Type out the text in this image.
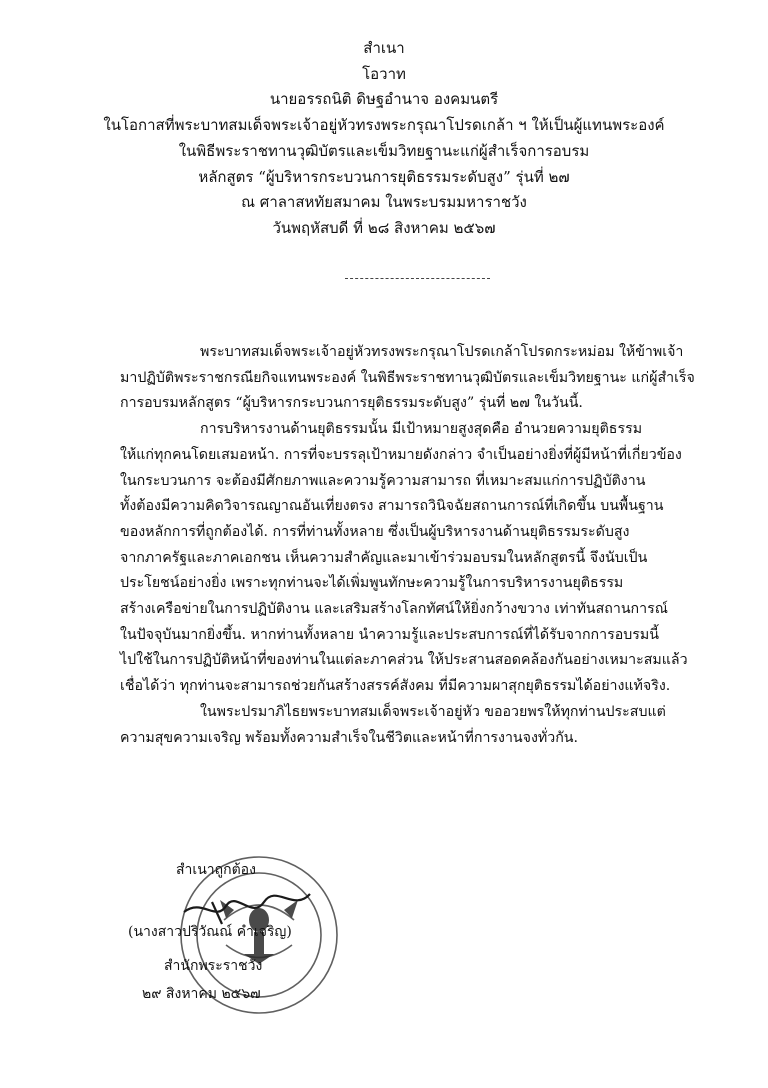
สำเนา
โอวาท
นายอรรถนิติ ดิษฐอำนาจ องคมนตรี
ในโอกาสที่พระบาทสมเด็จพระเจ้าอยู่หัวทรงพระกรุณาโปรดเกล้า ฯ ให้เป็นผู้แทนพระองค์
ในพิธีพระราชทานวุฒิบัตรและเข็มวิทยฐานะแก่ผู้สำเร็จการอบรม
หลักสูตร “ผู้บริหารกระบวนการยุติธรรมระดับสูง” รุ่นที่ ๒๗
ณ ศาลาสหทัยสมาคม ในพระบรมมหาราชวัง
วันพฤหัสบดี ที่ ๒๘ สิงหาคม ๒๕๖๗
พระบาทสมเด็จพระเจ้าอยู่หัวทรงพระกรุณาโปรดเกล้าโปรดกระหม่อม ให้ข้าพเจ้า
มาปฏิบัติพระราชกรณียกิจแทนพระองค์ ในพิธีพระราชทานวุฒิบัตรและเข็มวิทยฐานะ แก่ผู้สำเร็จ
การอบรมหลักสูตร “ผู้บริหารกระบวนการยุติธรรมระดับสูง” รุ่นที่ ๒๗ ในวันนี้.
การบริหารงานด้านยุติธรรมนั้น มีเป้าหมายสูงสุดคือ อำนวยความยุติธรรม
ให้แก่ทุกคนโดยเสมอหน้า. การที่จะบรรลุเป้าหมายดังกล่าว จำเป็นอย่างยิ่งที่ผู้มีหน้าที่เกี่ยวข้อง
ในกระบวนการ จะต้องมีศักยภาพและความรู้ความสามารถ ที่เหมาะสมแก่การปฏิบัติงาน
ทั้งต้องมีความคิดวิจารณญาณอันเที่ยงตรง สามารถวินิจฉัยสถานการณ์ที่เกิดขึ้น บนพื้นฐาน
ของหลักการที่ถูกต้องได้. การที่ท่านทั้งหลาย ซึ่งเป็นผู้บริหารงานด้านยุติธรรมระดับสูง
จากภาครัฐและภาคเอกชน เห็นความสำคัญและมาเข้าร่วมอบรมในหลักสูตรนี้ จึงนับเป็น
ประโยชน์อย่างยิ่ง เพราะทุกท่านจะได้เพิ่มพูนทักษะความรู้ในการบริหารงานยุติธรรม
สร้างเครือข่ายในการปฏิบัติงาน และเสริมสร้างโลกทัศน์ให้ยิ่งกว้างขวาง เท่าทันสถานการณ์
ในปัจจุบันมากยิ่งขึ้น. หากท่านทั้งหลาย นำความรู้และประสบการณ์ที่ได้รับจากการอบรมนี้
ไปใช้ในการปฏิบัติหน้าที่ของท่านในแต่ละภาคส่วน ให้ประสานสอดคล้องกันอย่างเหมาะสมแล้ว
เชื่อได้ว่า ทุกท่านจะสามารถช่วยกันสร้างสรรค์สังคม ที่มีความผาสุกยุติธรรมได้อย่างแท้จริง.
ในพระปรมาภิไธยพระบาทสมเด็จพระเจ้าอยู่หัว ขออวยพรให้ทุกท่านประสบแต่
ความสุขความเจริญ พร้อมทั้งความสำเร็จในชีวิตและหน้าที่การงานจงทั่วกัน.
สำเนาถูกต้อง
(นางสาวปริวัณณ์ คำเจริญ)
สำนักพระราชวัง
๒๙ สิงหาคม ๒๕๖๗
